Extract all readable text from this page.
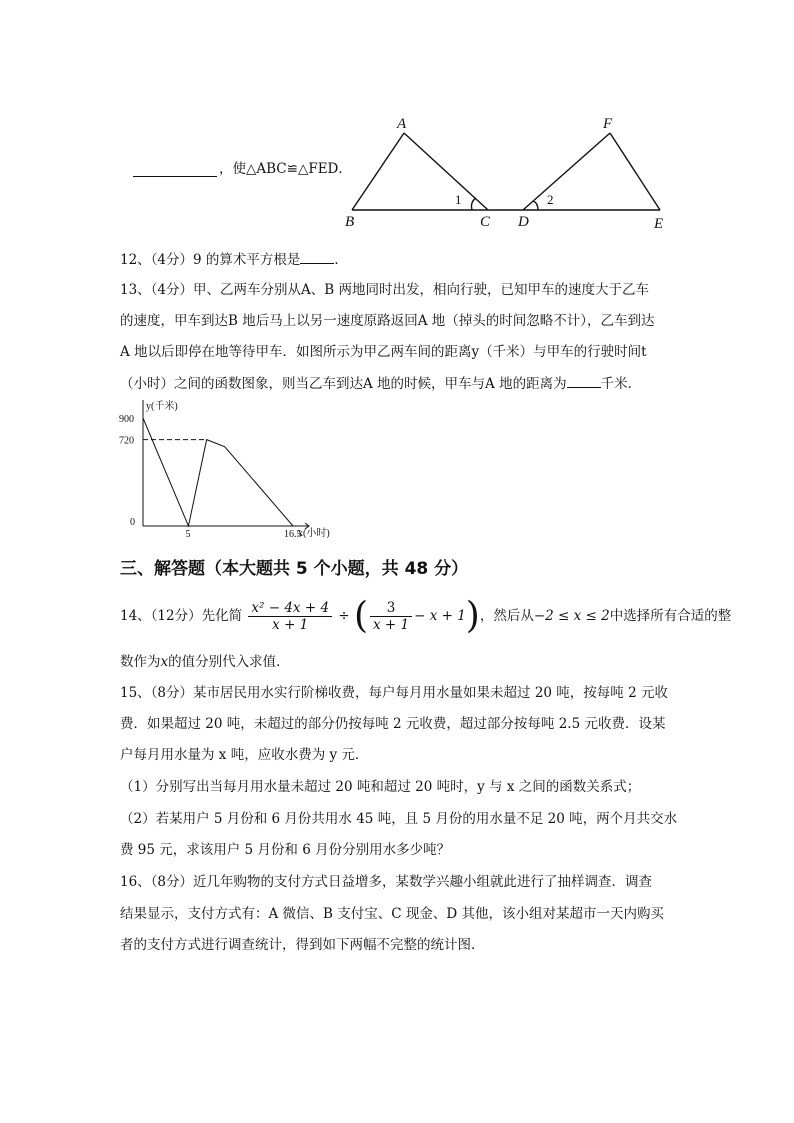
，使△ABC≌△FED．
A
B	C D	E
F
1	2
12、（4分）9 的算术平方根是	．
13、（4分）甲、乙两车分别从A、B 两地同时出发，相向行驶，已知甲车的速度大于乙车
的速度，甲车到达B 地后马上以另一速度原路返回A 地（掉头的时间忽略不计），乙车到达
A 地以后即停在地等待甲车．如图所示为甲乙两车间的距离y（千米）与甲车的行驶时间t
（小时）之间的函数图象，则当乙车到达A 地的时候，甲车与A 地的距离为	千米．
y(千米)
x(小时)
900
720
0
5	16.5
三、解答题（本大题共 5 个小题，共 48 分）
14、（12分）先化简 $\frac{\text{x² − 4x + 4}}{x + 1}$ ÷ ( $\frac{3}{x + 1} - x + 1$)，然后从−2 ≤ x ≤ 2中选择所有合适的整
数作为x的值分别代入求值．
15、（8分）某市居民用水实行阶梯收费，每户每月用水量如果未超过 20 吨，按每吨 2 元收
费．如果超过 20 吨，未超过的部分仍按每吨 2 元收费，超过部分按每吨 2.5 元收费．设某
户每月用水量为 x 吨，应收水费为 y 元．
（1）分别写出当每月用水量未超过 20 吨和超过 20 吨时，y 与 x 之间的函数关系式；
（2）若某用户 5 月份和 6 月份共用水 45 吨，且 5 月份的用水量不足 20 吨，两个月共交水
费 95 元，求该用户 5 月份和 6 月份分别用水多少吨？
16、（8分）近几年购物的支付方式日益增多，某数学兴趣小组就此进行了抽样调查．调查
结果显示，支付方式有：A 微信、B 支付宝、C 现金、D 其他，该小组对某超市一天内购买
者的支付方式进行调查统计，得到如下两幅不完整的统计图．
